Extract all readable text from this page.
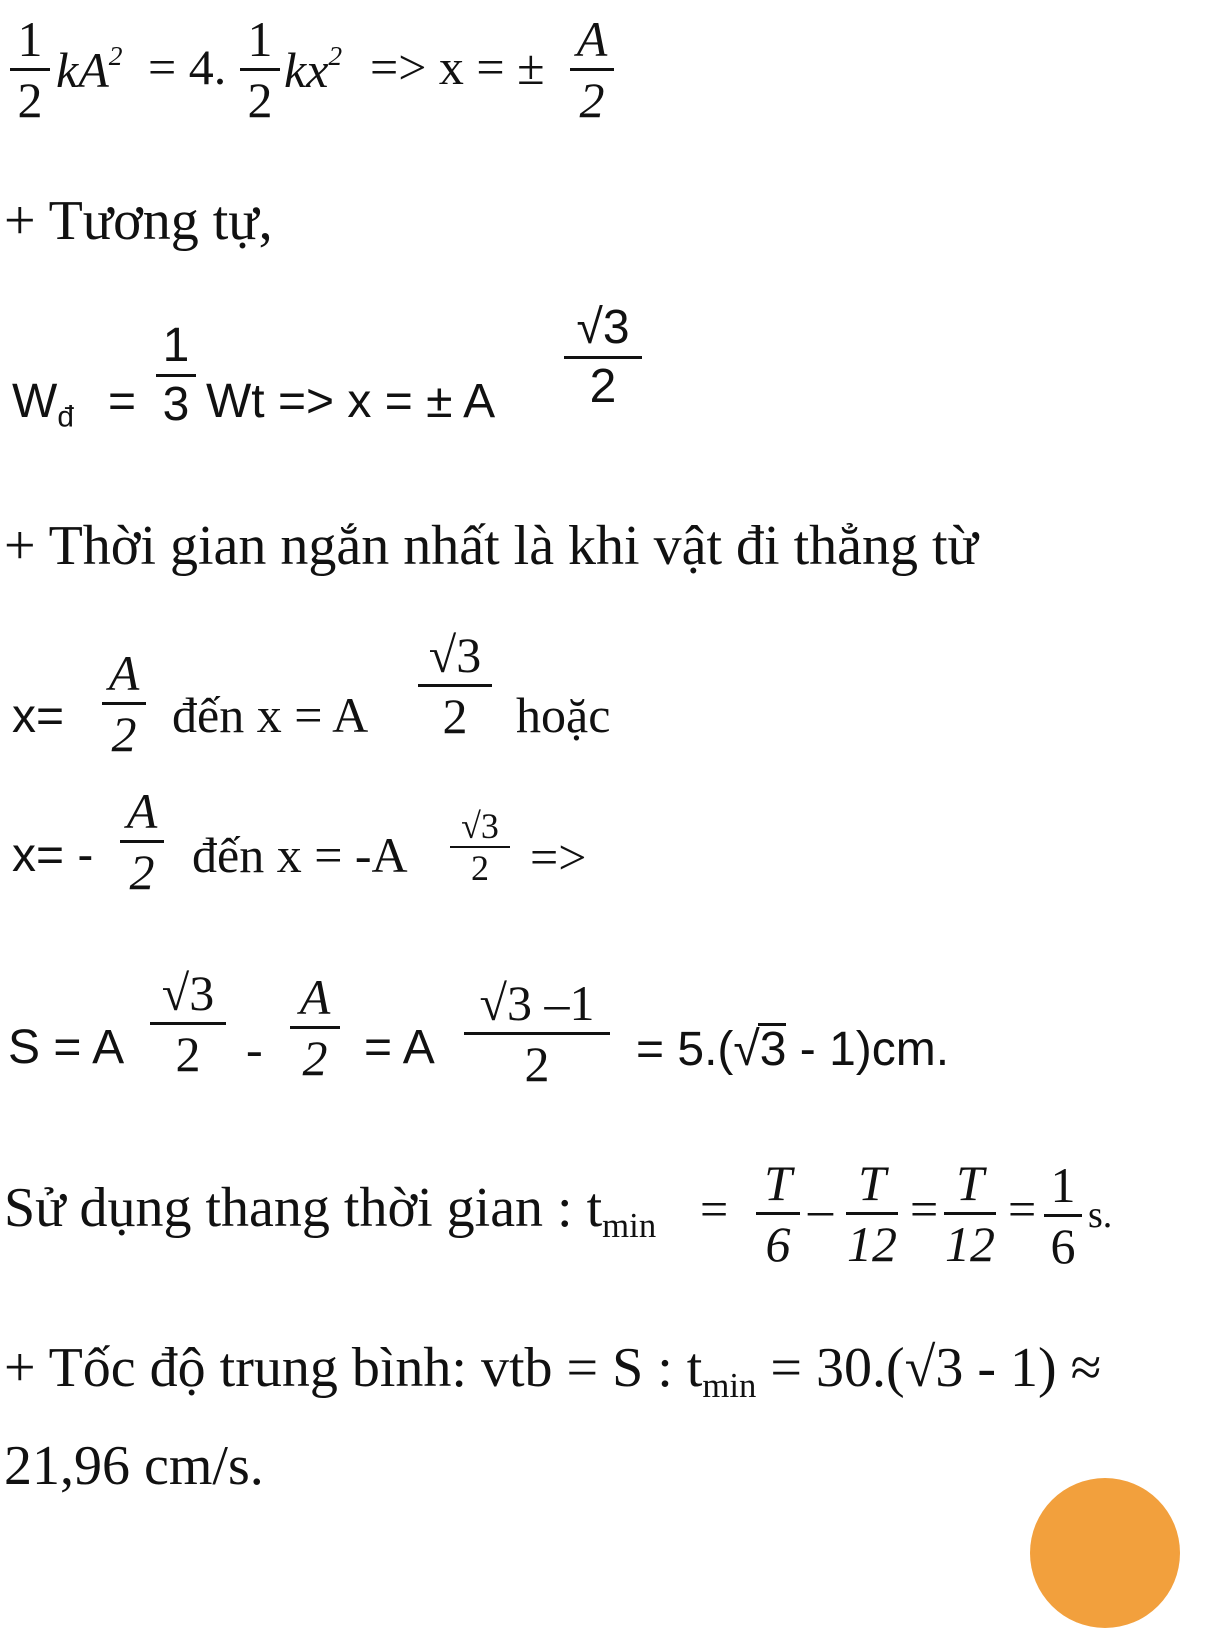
1
2
$kA^2 = 4$. 1
2
$kx^2 => x$ = ± A
2
+ Tương tự,
$W_đ$ =
1
3 Wt => x = ± A
√3
2
+ Thời gian ngắn nhất là khi vật đi thẳng từ
x=
A
2 đến x = A
√3
2 hoặc
x= -
A
2 đến x = -A
√3
2 =>
S = A
√3
2 -
A
2 = A
√3 –1
2	= 5.(√3 - 1)cm.
Sử dụng thang thời gian : $t_{min} = T$
6
– T
12
= T
12
= 1
6
s.
+ Tốc độ trung bình: vtb = S : $t_{min} = 30.(√3 - 1)$ ≈
21,96 cm/s.
